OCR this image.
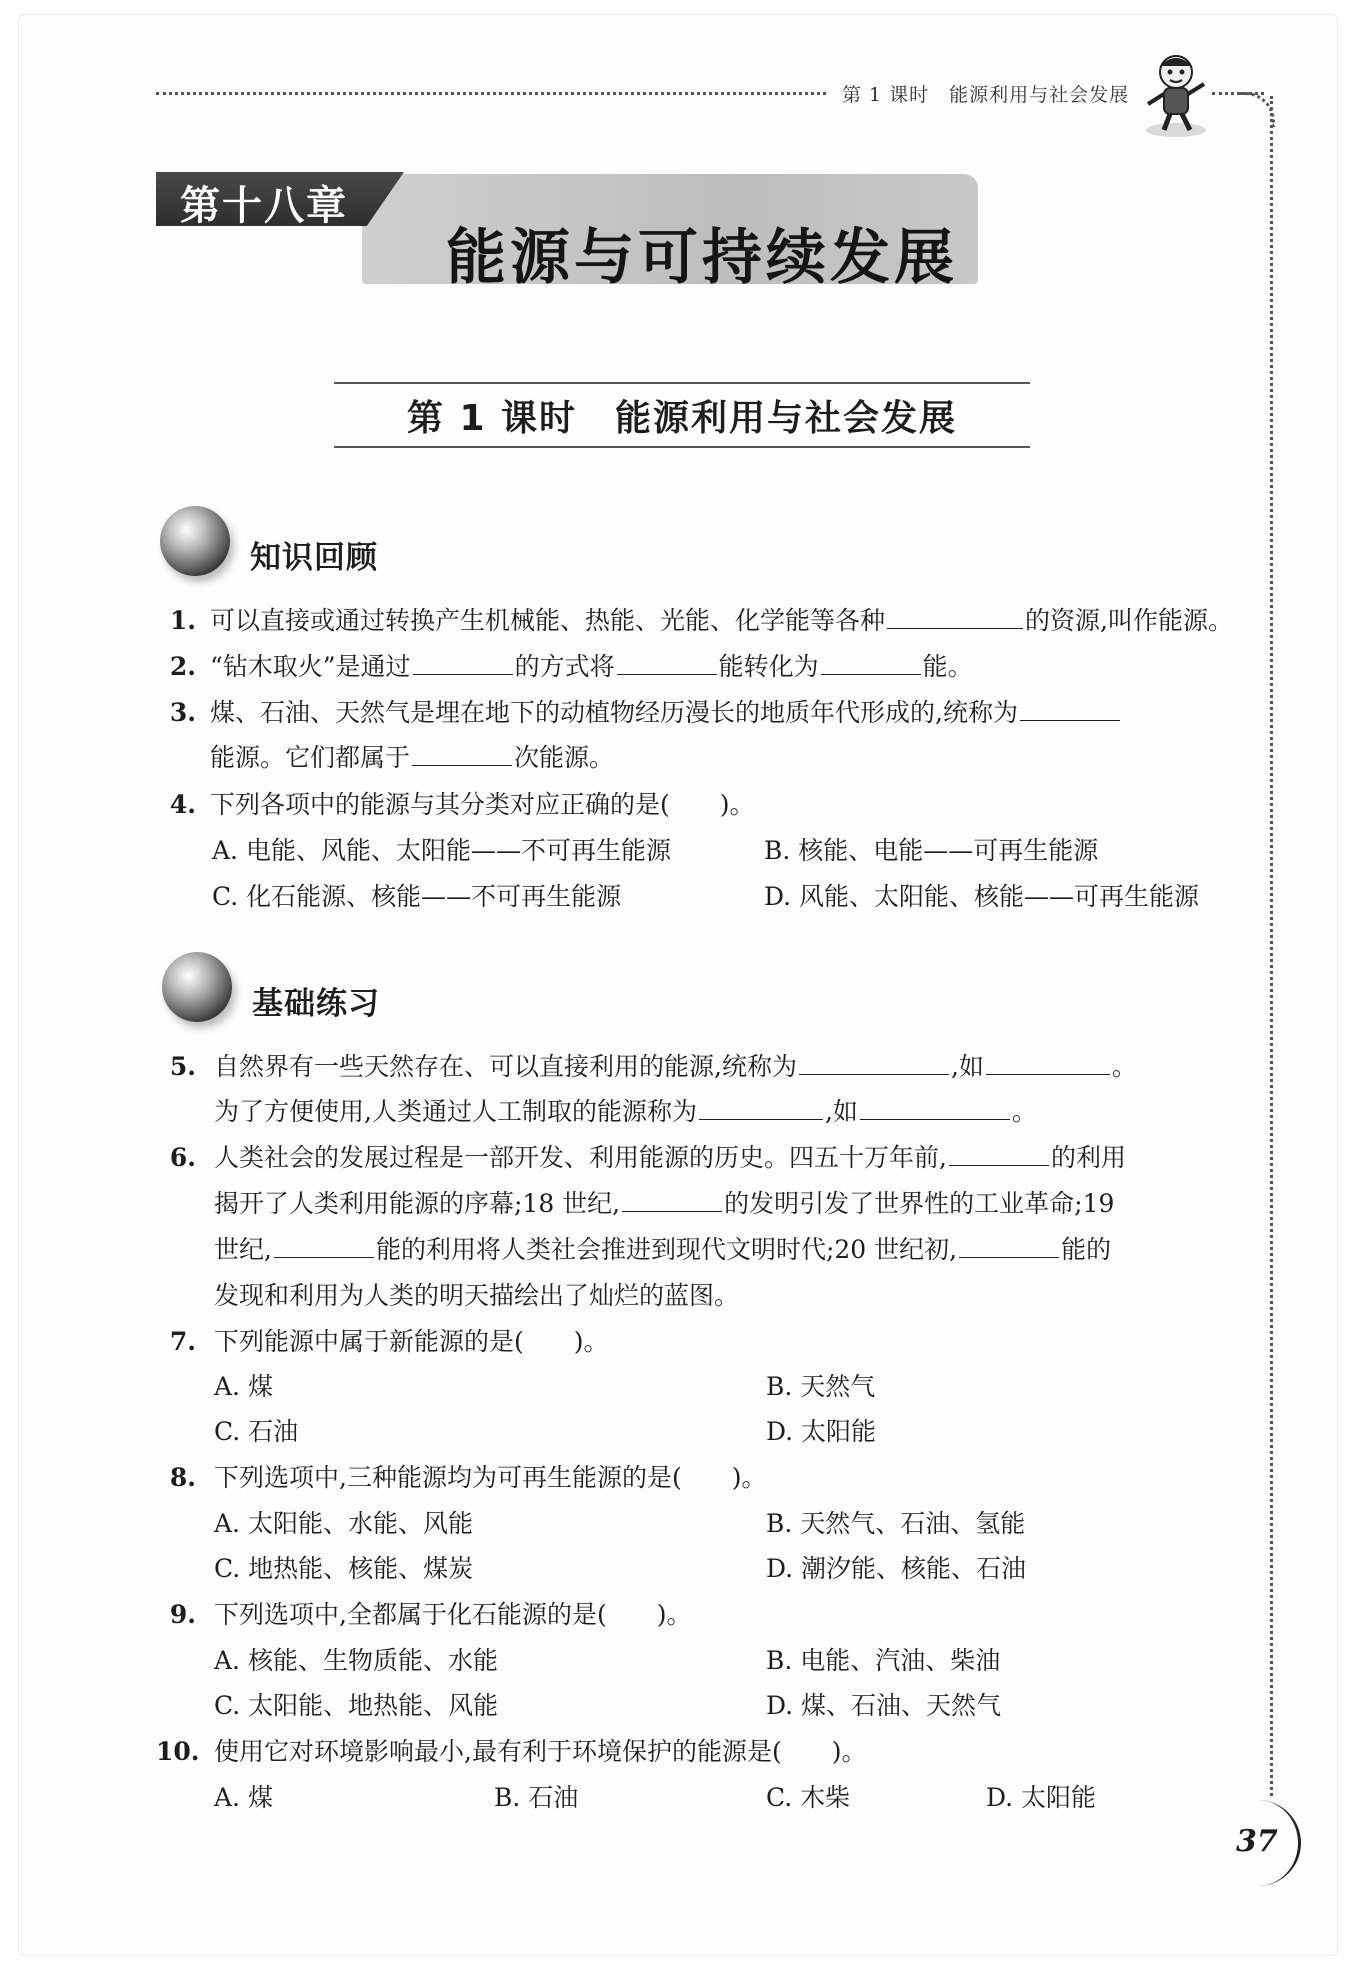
第 1 课时　能源利用与社会发展
第十八章
能源与可持续发展
第 1 课时　能源利用与社会发展
知识回顾
1. 可以直接或通过转换产生机械能、热能、光能、化学能等各种	的资源,叫作能源。
2. “钻木取火”是通过	的方式将	能转化为	能。
3. 煤、石油、天然气是埋在地下的动植物经历漫长的地质年代形成的,统称为
能源。它们都属于	次能源。
4. 下列各项中的能源与其分类对应正确的是(　　)。
A. 电能、风能、太阳能——不可再生能源	B. 核能、电能——可再生能源
C. 化石能源、核能——不可再生能源	D. 风能、太阳能、核能——可再生能源
基础练习
5. 自然界有一些天然存在、可以直接利用的能源,统称为	,如	。
为了方便使用,人类通过人工制取的能源称为	,如	。
6. 人类社会的发展过程是一部开发、利用能源的历史。四五十万年前,	的利用
揭开了人类利用能源的序幕;18 世纪,	的发明引发了世界性的工业革命;19
世纪,	能的利用将人类社会推进到现代文明时代;20 世纪初,	能的
发现和利用为人类的明天描绘出了灿烂的蓝图。
7. 下列能源中属于新能源的是(　　)。
A. 煤	B. 天然气
C. 石油	D. 太阳能
8. 下列选项中,三种能源均为可再生能源的是(　　)。
A. 太阳能、水能、风能	B. 天然气、石油、氢能
C. 地热能、核能、煤炭	D. 潮汐能、核能、石油
9. 下列选项中,全都属于化石能源的是(　　)。
A. 核能、生物质能、水能	B. 电能、汽油、柴油
C. 太阳能、地热能、风能	D. 煤、石油、天然气
10. 使用它对环境影响最小,最有利于环境保护的能源是(　　)。
A. 煤	B. 石油	C. 木柴	D. 太阳能
37
